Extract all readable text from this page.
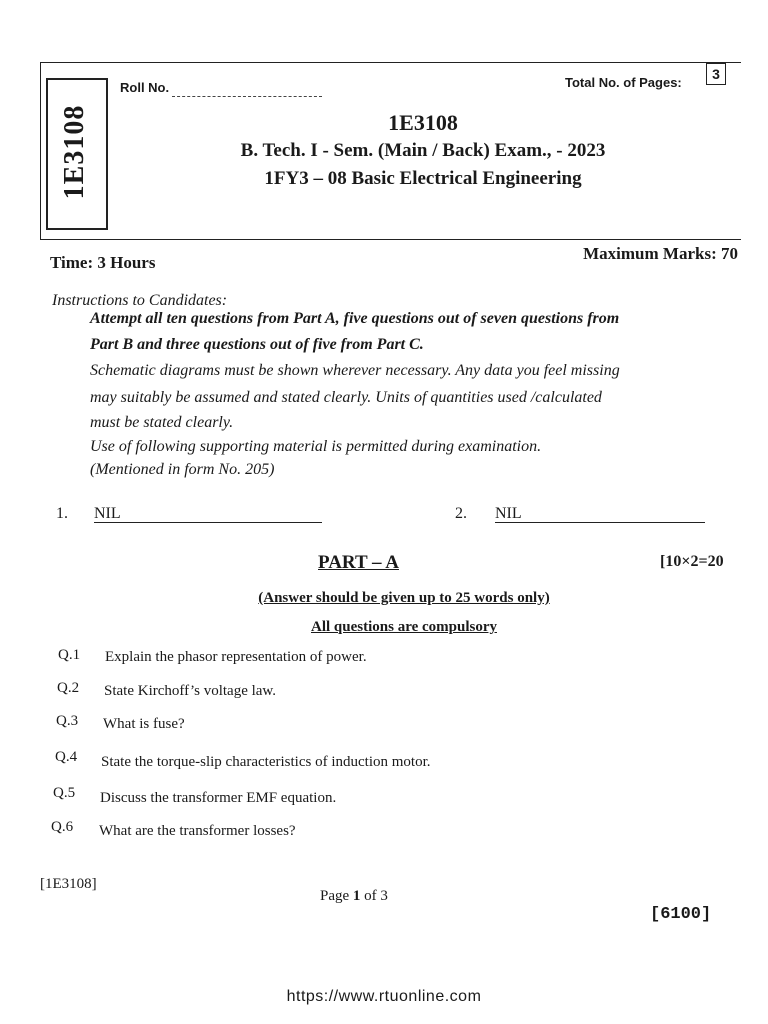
1E3108
Roll No.	Total No. of Pages:
3
1E3108
B. Tech. I - Sem. (Main / Back) Exam., - 2023
1FY3 – 08 Basic Electrical Engineering
Time: 3 Hours	Maximum Marks: 70
Instructions to Candidates:
Attempt all ten questions from Part A, five questions out of seven questions from
Part B and three questions out of five from Part C.
Schematic diagrams must be shown wherever necessary. Any data you feel missing
may suitably be assumed and stated clearly. Units of quantities used /calculated
must be stated clearly.
Use of following supporting material is permitted during examination.
(Mentioned in form No. 205)
1. NIL	2. NIL
PART – A	[10×2=20
(Answer should be given up to 25 words only)
All questions are compulsory
Q.1 Explain the phasor representation of power.
Q.2 State Kirchoff’s voltage law.
Q.3 What is fuse?
Q.4 State the torque-slip characteristics of induction motor.
Q.5 Discuss the transformer EMF equation.
Q.6 What are the transformer losses?
[1E3108]
Page 1 of 3
[6100]
https://www.rtuonline.com
